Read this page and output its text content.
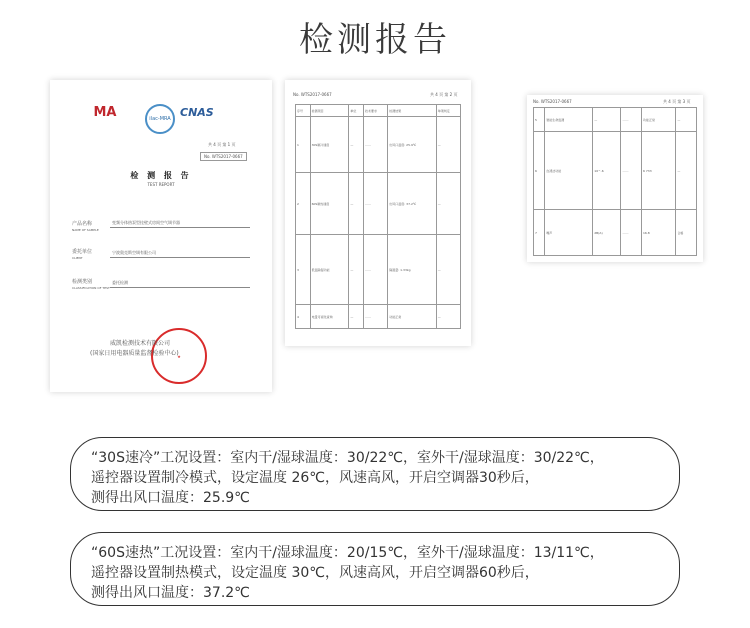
检测报告
MA	ilac-MRA CNAS
共 4 页 第 1 页
No. WTS2017-0667
检 测 报 告
TEST REPORT
产品名称
NAME OF SAMPLE
变频分体热泵型挂壁式房间空气调节器
委托单位
CLIENT
宁波奥克斯空调有限公司
检测类别
CLASSIFICATION OF TEST
委托检测
★
威凯检测技术有限公司
(国家日用电器质量监督检验中心)
No. WTS2017-0667	共 4 页 第 2 页
序号	检测项目	单位	技术要求	检测结果	单项判定
1	30S制冷速度	—	……	出风口温度: 25.9℃	—
2	60S制热速度	—	……	出风口温度: 37.2℃	—
3	低温除湿功能	—	……	除湿量: 1.33kg	—
4	电量可视化查询	—	……	功能正常	—
No. WTS2017-0667	共 4 页 第 3 页
5	智能生命监测	—	……	功能正常	—
6	自清洁功能	10^-6	……	6 733	—
7	噪声	dB(A)	……	16.8	合格
“30S速冷”工况设置：室内干/湿球温度：30/22℃，室外干/湿球温度：30/22℃，
遥控器设置制冷模式，设定温度 26℃，风速高风，开启空调器30秒后，
测得出风口温度：25.9℃
“60S速热”工况设置：室内干/湿球温度：20/15℃，室外干/湿球温度：13/11℃，
遥控器设置制热模式，设定温度 30℃，风速高风，开启空调器60秒后，
测得出风口温度：37.2℃
